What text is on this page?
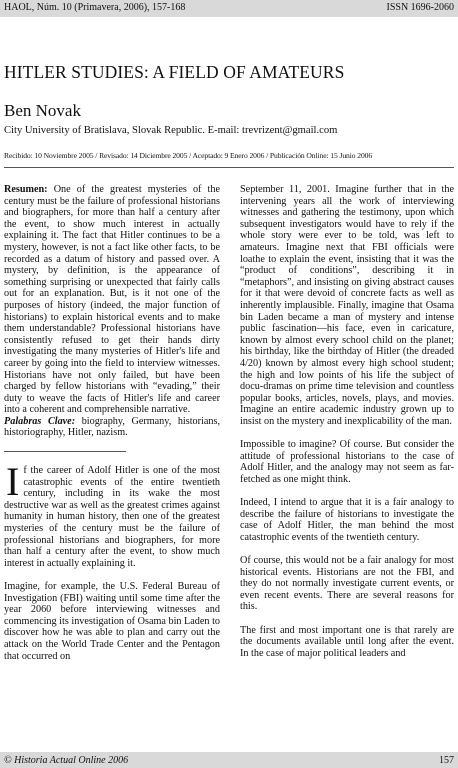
HAOL, Núm. 10 (Primavera, 2006), 157-168	ISSN 1696-2060
HITLER STUDIES: A FIELD OF AMATEURS
Ben Novak
City University of Bratislava, Slovak Republic. E-mail: trevrizent@gmail.com
Recibido: 10 Noviembre 2005 / Revisado: 14 Diciembre 2005 / Aceptado: 9 Enero 2006 / Publicación Online: 15 Junio 2006

Resumen: One of the greatest mysteries of the century must be the failure of professional historians and biographers, for more than half a century after the event, to show much interest in actually explaining it. The fact that Hitler continues to be a mystery, however, is not a fact like other facts, to be recorded as a datum of history and passed over. A mystery, by definition, is the appearance of something surprising or unexpected that fairly calls out for an explanation. But, is it not one of the purposes of history (indeed, the major function of historians) to explain historical events and to make them understandable? Professional historians have consistently refused to get their hands dirty investigating the many mysteries of Hitler's life and career by going into the field to interview witnesses. Historians have not only failed, but have been charged by fellow historians with “evading,” their duty to weave the facts of Hitler's life and career into a coherent and comprehensible narrative.

Palabras Clave: biography, Germany, historians, historiography, Hitler, nazism.

If the career of Adolf Hitler is one of the most catastrophic events of the entire twentieth century, including in its wake the most destructive war as well as the greatest crimes against humanity in human history, then one of the greatest mysteries of the century must be the failure of professional historians and biographers, for more than half a century after the event, to show much interest in actually explaining it.

Imagine, for example, the U.S. Federal Bureau of Investigation (FBI) waiting until some time after the year 2060 before interviewing witnesses and commencing its investigation of Osama bin Laden to discover how he was able to plan and carry out the attack on the World Trade Center and the Pentagon that occurred on

September 11, 2001. Imagine further that in the intervening years all the work of interviewing witnesses and gathering the testimony, upon which subsequent investigators would have to rely if the whole story were ever to be told, was left to amateurs. Imagine next that FBI officials were loathe to explain the event, insisting that it was the “product of conditions”, describing it in “metaphors”, and insisting on giving abstract causes for it that were devoid of concrete facts as well as inherently implausible. Finally, imagine that Osama bin Laden became a man of mystery and intense public fascination—his face, even in caricature, known by almost every school child on the planet; his birthday, like the birthday of Hitler (the dreaded 4/20) known by almost every high school student; the high and low points of his life the subject of docu-dramas on prime time television and countless popular books, articles, novels, plays, and movies. Imagine an entire academic industry grown up to insist on the mystery and inexplicability of the man.

Impossible to imagine? Of course. But consider the attitude of professional historians to the case of Adolf Hitler, and the analogy may not seem as far-fetched as one might think.

Indeed, I intend to argue that it is a fair analogy to describe the failure of historians to investigate the case of Adolf Hitler, the man behind the most catastrophic events of the twentieth century.

Of course, this would not be a fair analogy for most historical events. Historians are not the FBI, and they do not normally investigate current events, or even recent events. There are several reasons for this.

The first and most important one is that rarely are the documents available until long after the event. In the case of major political leaders and

© Historia Actual Online 2006	157
